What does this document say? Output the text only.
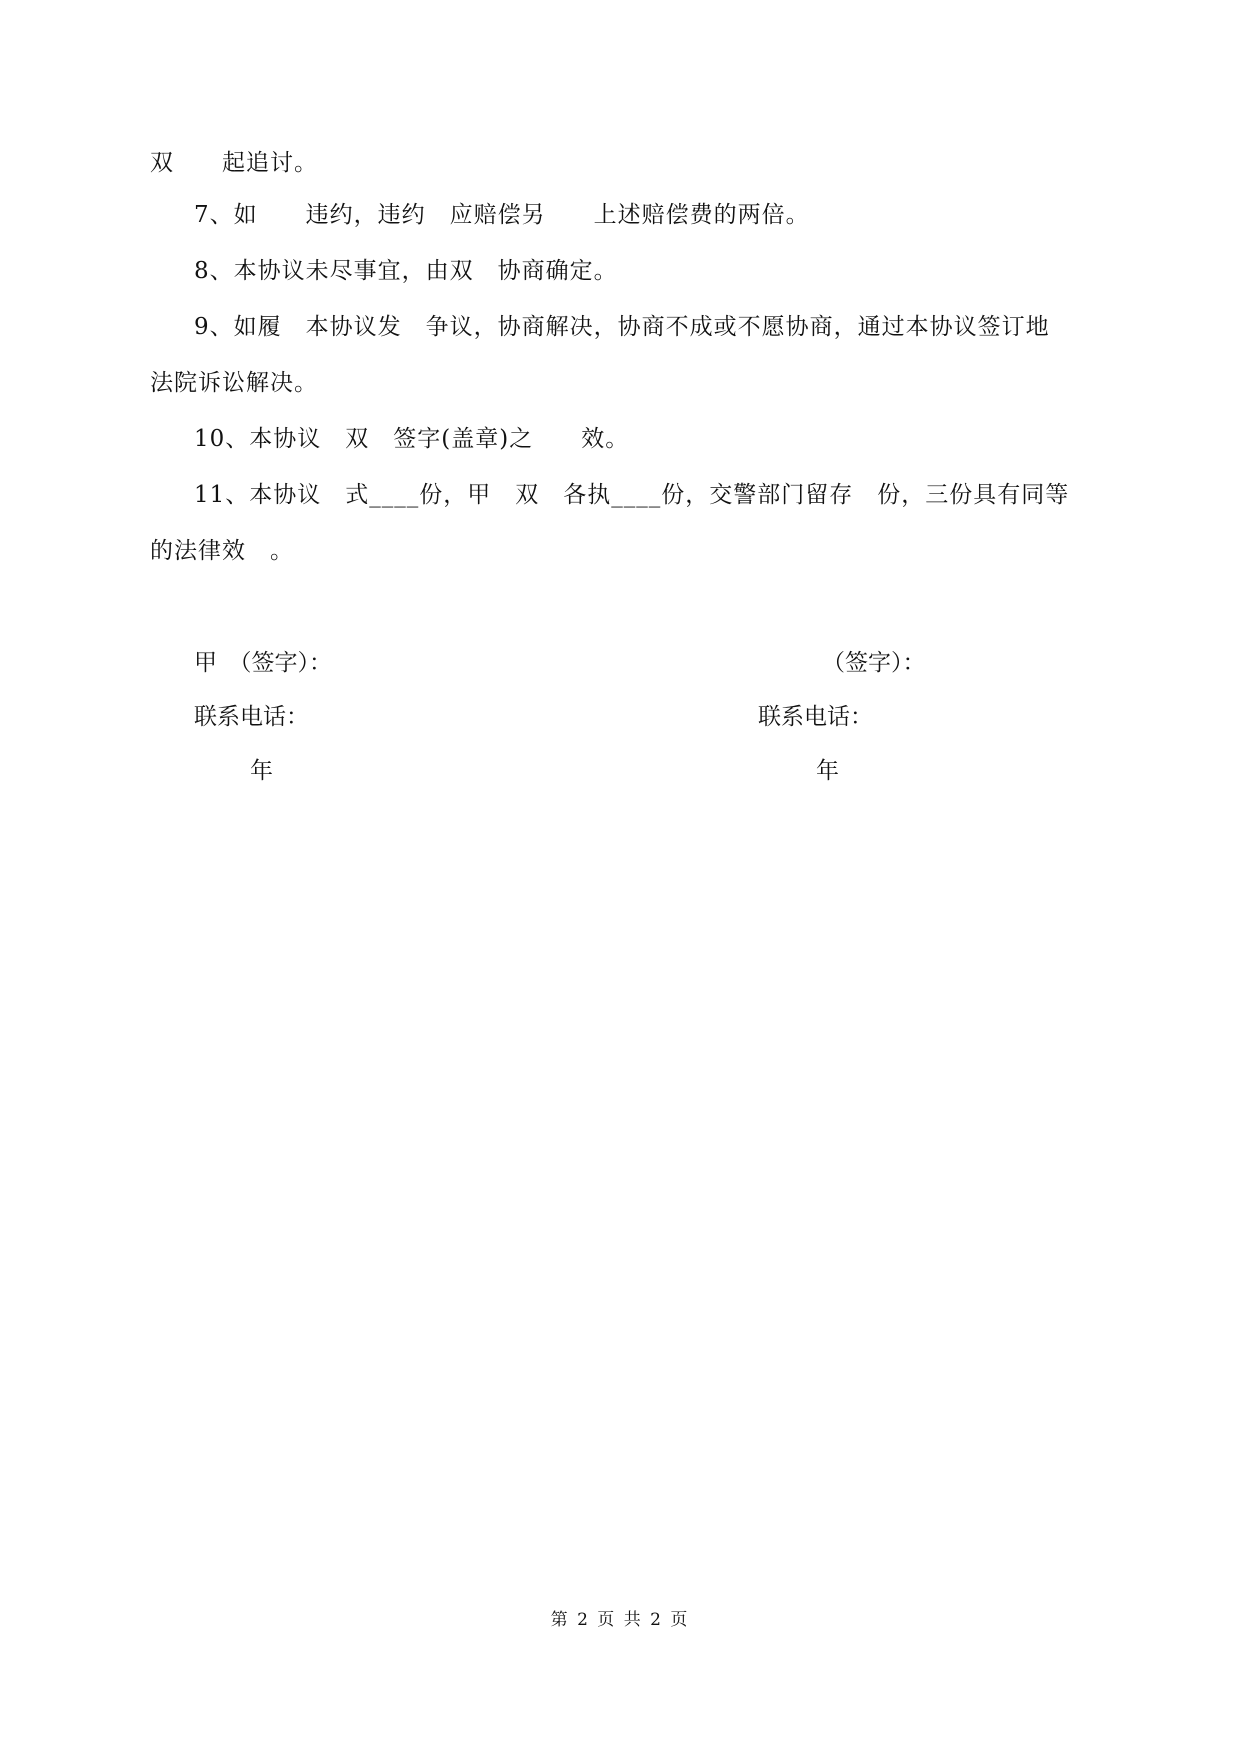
双　　起追讨。
7、如　　违约，违约　应赔偿另　　上述赔偿费的两倍。
8、本协议未尽事宜，由双　协商确定。
9、如履　本协议发　争议，协商解决，协商不成或不愿协商，通过本协议签订地
法院诉讼解决。
10、本协议　双　签字(盖章)之　　效。
11、本协议　式____份，甲　双　各执____份，交警部门留存　份，三份具有同等
的法律效　。
甲　（签字）：
联系电话：
年
（签字）：
联系电话：
年
第 2 页 共 2 页
